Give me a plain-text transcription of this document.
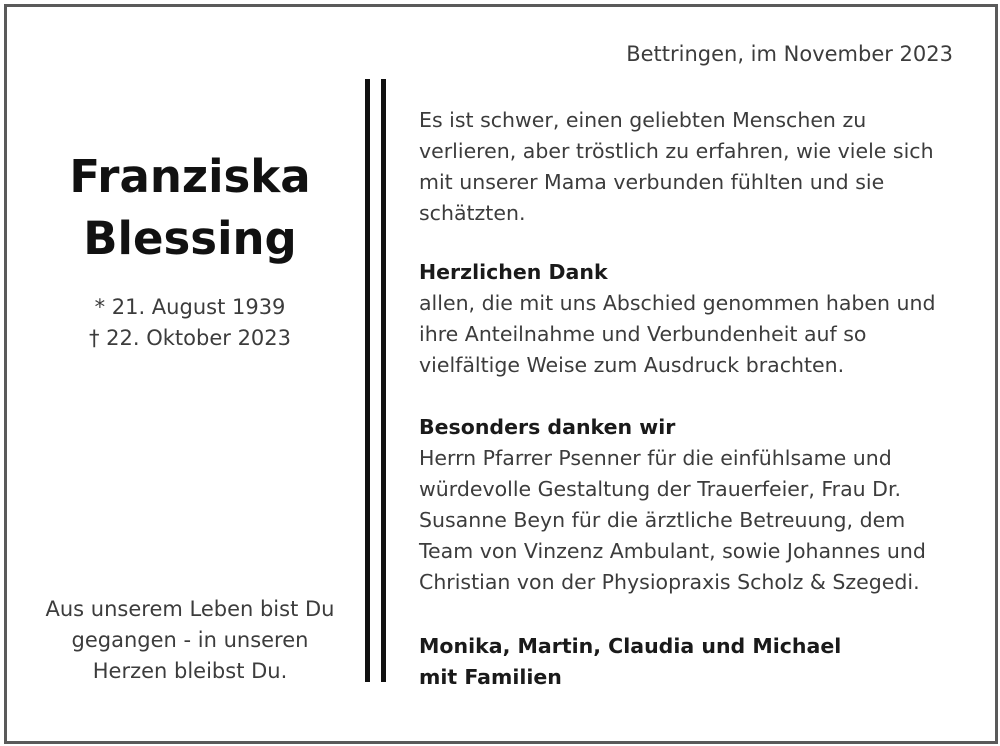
Bettringen, im November 2023
Franziska
Blessing
* 21. August 1939
† 22. Oktober 2023
Aus unserem Leben bist Du
gegangen - in unseren
Herzen bleibst Du.
Es ist schwer, einen geliebten Menschen zu
verlieren, aber tröstlich zu erfahren, wie viele sich
mit unserer Mama verbunden fühlten und sie
schätzten.
Herzlichen Dank
allen, die mit uns Abschied genommen haben und
ihre Anteilnahme und Verbundenheit auf so
vielfältige Weise zum Ausdruck brachten.
Besonders danken wir
Herrn Pfarrer Psenner für die einfühlsame und
würdevolle Gestaltung der Trauerfeier, Frau Dr.
Susanne Beyn für die ärztliche Betreuung, dem
Team von Vinzenz Ambulant, sowie Johannes und
Christian von der Physiopraxis Scholz & Szegedi.
Monika, Martin, Claudia und Michael
mit Familien
